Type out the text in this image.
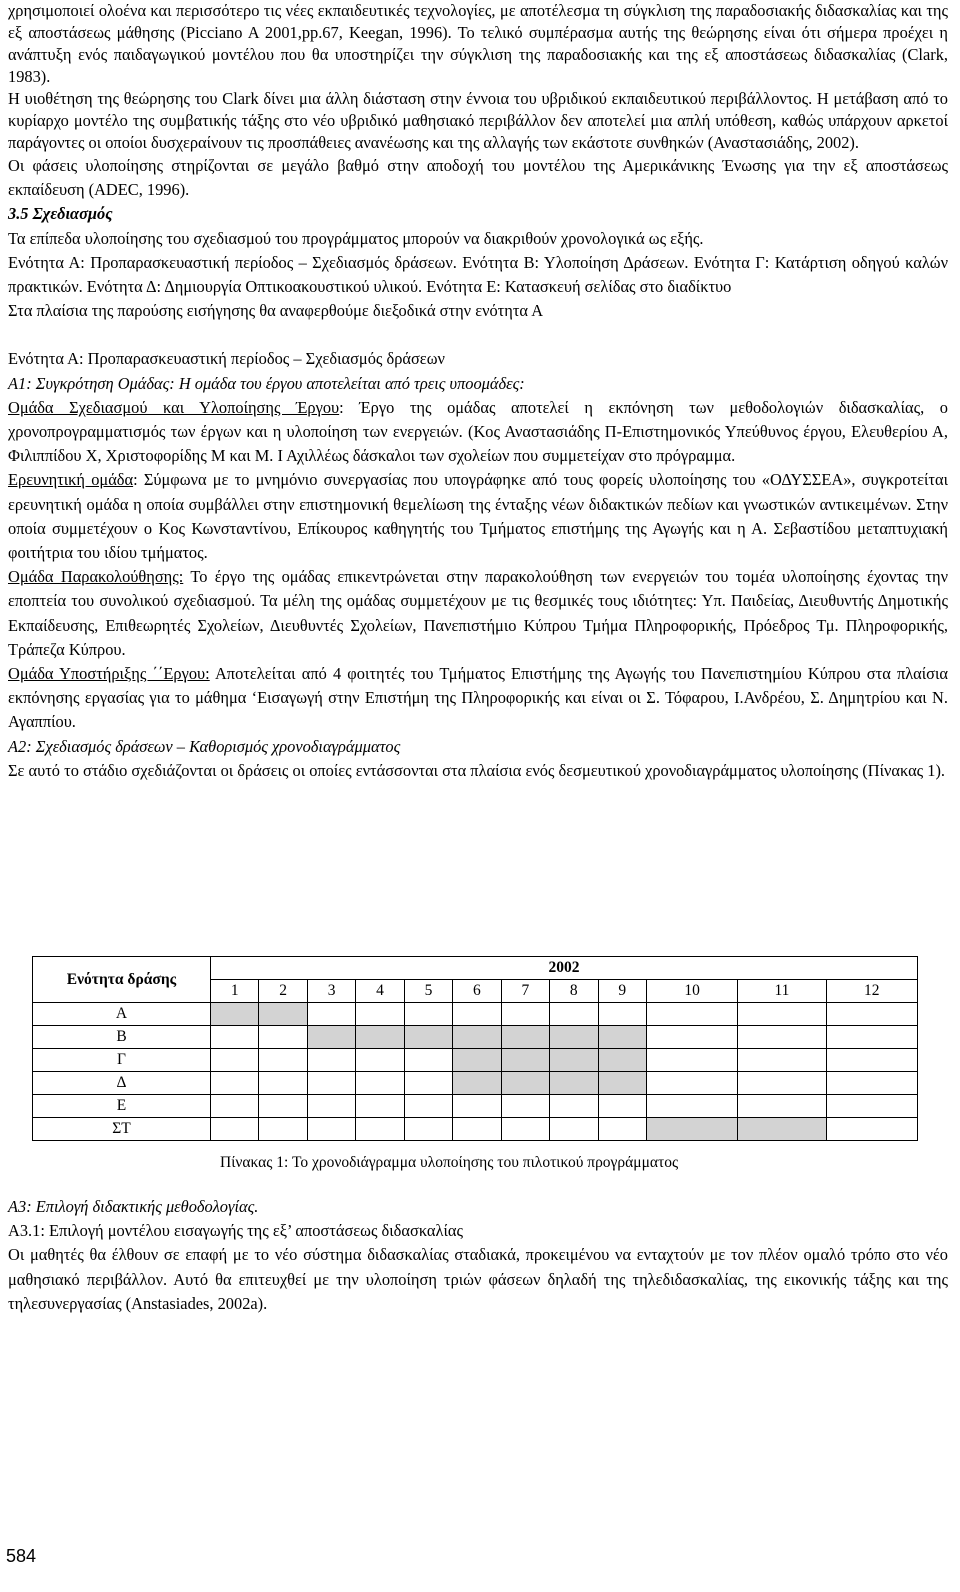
χρησιμοποιεί ολοένα και περισσότερο τις νέες εκπαιδευτικές τεχνολογίες, με αποτέλεσμα τη σύγκλιση της παραδοσιακής διδασκαλίας και της εξ αποστάσεως μάθησης (Picciano A 2001,pp.67, Keegan, 1996). Το τελικό συμπέρασμα αυτής της θεώρησης είναι ότι σήμερα προέχει η ανάπτυξη ενός παιδαγωγικού μοντέλου που θα υποστηρίζει την σύγκλιση της παραδοσιακής και της εξ αποστάσεως διδασκαλίας (Clark, 1983).

Η υιοθέτηση της θεώρησης του Clark δίνει μια άλλη διάσταση στην έννοια του υβριδικού εκπαιδευτικού περιβάλλοντος. Η μετάβαση από το κυρίαρχο μοντέλο της συμβατικής τάξης στο νέο υβριδικό μαθησιακό περιβάλλον δεν αποτελεί μια απλή υπόθεση, καθώς υπάρχουν αρκετοί παράγοντες οι οποίοι δυσχεραίνουν τις προσπάθειες ανανέωσης και της αλλαγής των εκάστοτε συνθηκών (Αναστασιάδης, 2002).

Οι φάσεις υλοποίησης στηρίζονται σε μεγάλο βαθμό στην αποδοχή του μοντέλου της Αμερικάνικης Ένωσης για την εξ αποστάσεως εκπαίδευση (ADEC, 1996).

3.5 Σχεδιασμός

Τα επίπεδα υλοποίησης του σχεδιασμού του προγράμματος μπορούν να διακριθούν χρονολογικά ως εξής.

Ενότητα Α: Προπαρασκευαστική περίοδος – Σχεδιασμός δράσεων. Ενότητα Β: Υλοποίηση Δράσεων. Ενότητα Γ: Κατάρτιση οδηγού καλών πρακτικών. Ενότητα Δ: Δημιουργία Οπτικοακουστικού υλικού. Ενότητα Ε: Κατασκευή σελίδας στο διαδίκτυο

Στα πλαίσια της παρούσης εισήγησης θα αναφερθούμε διεξοδικά στην ενότητα Α

Ενότητα Α: Προπαρασκευαστική περίοδος – Σχεδιασμός δράσεων

Α1: Συγκρότηση Ομάδας: Η ομάδα του έργου αποτελείται από τρεις υποομάδες:

Ομάδα Σχεδιασμού και Υλοποίησης Έργου: Έργο της ομάδας αποτελεί η εκπόνηση των μεθοδολογιών διδασκαλίας, ο χρονοπρογραμματισμός των έργων και η υλοποίηση των ενεργειών. (Κος Αναστασιάδης Π-Επιστημονικός Υπεύθυνος έργου, Ελευθερίου Α, Φιλιππίδου Χ, Χριστοφορίδης Μ και Μ. Ι Αχιλλέως δάσκαλοι των σχολείων που συμμετείχαν στο πρόγραμμα.

Ερευνητική ομάδα: Σύμφωνα με το μνημόνιο συνεργασίας που υπογράφηκε από τους φορείς υλοποίησης του «ΟΔΥΣΣΕΑ», συγκροτείται ερευνητική ομάδα η οποία συμβάλλει στην επιστημονική θεμελίωση της ένταξης νέων διδακτικών πεδίων και γνωστικών αντικειμένων. Στην οποία συμμετέχουν ο Κος Κωνσταντίνου, Επίκουρος καθηγητής του Τμήματος επιστήμης της Αγωγής και η Α. Σεβαστίδου μεταπτυχιακή φοιτήτρια του ιδίου τμήματος.

Ομάδα Παρακολούθησης: Το έργο της ομάδας επικεντρώνεται στην παρακολούθηση των ενεργειών του τομέα υλοποίησης έχοντας την εποπτεία του συνολικού σχεδιασμού. Τα μέλη της ομάδας συμμετέχουν με τις θεσμικές τους ιδιότητες: Υπ. Παιδείας, Διευθυντής Δημοτικής Εκπαίδευσης, Επιθεωρητές Σχολείων, Διευθυντές Σχολείων, Πανεπιστήμιο Κύπρου Τμήμα Πληροφορικής, Πρόεδρος Τμ. Πληροφορικής, Τράπεζα Κύπρου.

Ομάδα Υποστήριξης ΄΄Εργου: Αποτελείται από 4 φοιτητές του Τμήματος Επιστήμης της Αγωγής του Πανεπιστημίου Κύπρου στα πλαίσια εκπόνησης εργασίας για το μάθημα ‘Εισαγωγή στην Επιστήμη της Πληροφορικής και είναι οι Σ. Τόφαρου, Ι.Ανδρέου, Σ. Δημητρίου και Ν. Αγαππίου.

Α2: Σχεδιασμός δράσεων – Καθορισμός χρονοδιαγράμματος

Σε αυτό το στάδιο σχεδιάζονται οι δράσεις οι οποίες εντάσσονται στα πλαίσια ενός δεσμευτικού χρονοδιαγράμματος υλοποίησης (Πίνακας 1).

Ενότητα δράσης	2002											
	1	2	3	4	5	6	7	8	9	10	11	12
Α												
Β												
Γ												
Δ												
Ε												
ΣΤ												
Πίνακας 1: Το χρονοδιάγραμμα υλοποίησης του πιλοτικού προγράμματος

Α3: Επιλογή διδακτικής μεθοδολογίας.

Α3.1: Επιλογή μοντέλου εισαγωγής της εξ’ αποστάσεως διδασκαλίας

Οι μαθητές θα έλθουν σε επαφή με το νέο σύστημα διδασκαλίας σταδιακά, προκειμένου να ενταχτούν με τον πλέον ομαλό τρόπο στο νέο μαθησιακό περιβάλλον. Αυτό θα επιτευχθεί με την υλοποίηση τριών φάσεων δηλαδή της τηλεδιδασκαλίας, της εικονικής τάξης και της τηλεσυνεργασίας (Anstasiades, 2002a).

584
